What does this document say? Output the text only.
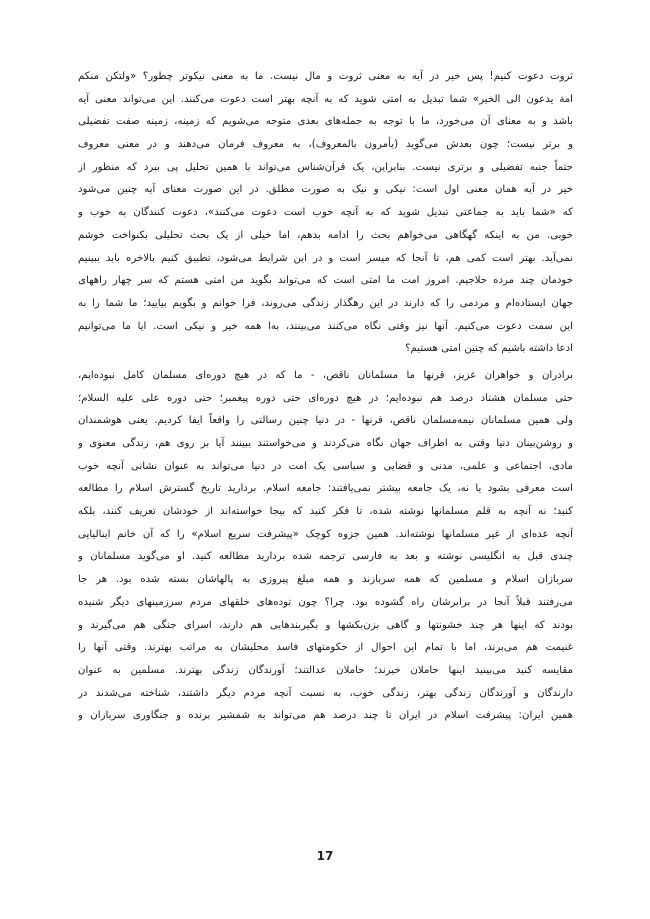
ثروت دعوت کنیم! پس خیر در آیه به معنی ثروت و مال نیست. ما به معنی نیکوتر چطور؟ «ولتکن منکم
امة یدعون الی الخیر» شما تبدیل به امتی شوید که به آنچه بهتر است دعوت می‌کنند. این می‌تواند معنی آیه
باشد و به معنای آن می‌خورد، ما با توجه به جمله‌های بعدی متوجه می‌شویم که زمینه، زمینه صفت تفضیلی
و برتر نیست؛ چون بعدش می‌گوید (یأمرون بالمعروف)، به معروف فرمان می‌دهند و در معنی معروف
حتماً جنبه تفضیلی و برتری نیست. بنابراین، یک قرآن‌شناس می‌تواند با همین تحلیل پی ببرد که منظور از
خیر در آیه همان معنی اول است: نیکی و نیک به صورت مطلق. در این صورت معنای آیه چنین می‌شود
که «شما باید به جماعتی تبدیل شوید که به آنچه خوب است دعوت می‌کنند»، دعوت کنندگان به خوب و
خوبی. من به اینکه گهگاهی می‌خواهم بحث را ادامه بدهم، اما خیلی از یک بحث تحلیلی بکنواخت خوشم
نمی‌آید. بهتر است کمی هم، تا آنجا که میسر است و در این شرایط می‌شود، تطبیق کنیم بالاخره باید ببینیم
خودمان چند مرده حلاجیم. امروز امت ما امتی است که می‌تواند بگوید من امتی هستم که سر چهار راههای
جهان ایستاده‌ام و مردمی را که دارند در این رهگذار زندگی می‌روند، فرا خوانم و بگویم بیایید؛ ما شما را به
این سمت دعوت می‌کنیم. آنها نیز وقتی نگاه می‌کنند می‌بینند، به‌ا همه خیر و نیکی است. ایا ما می‌توانیم
ادعا داشته باشیم که چنین امتی هستیم؟
برادران و خواهران عزیز، قرنها ما مسلمانان ناقص، - ما که در هیچ دوره‌ای مسلمان کامل نبوده‌ایم،
حتی مسلمان هشتاد درصد هم نبوده‌ایم؛ در هیچ دوره‌ای حتی دوره پیغمبر؛ حتی دوره علی علیه السلام؛
ولی همین مسلمانان نیمه‌مسلمان ناقص، قرنها - در دنیا چنین رسالتی را واقعاً ایفا کردیم. یعنی هوشمندان
و روشن‌بینان دنیا وقتی به اطراف جهان نگاه می‌کردند و می‌خواستند ببینند آیا بر روی هم، زندگی معنوی و
مادی، اجتماعی و علمی، مدنی و قضایی و سیاسی یک امت در دنیا می‌تواند به عنوان نشانی آنچه خوب
است معرفی بشود یا نه، یک جامعه بیشتر نمی‌یافتند: جامعه اسلام. بردارید تاریخ گسترش اسلام را مطالعه
کنید؛ نه آنچه به قلم مسلمانها نوشته شده، تا فکر کنید که بیجا خواسته‌اند از خودشان تعریف کنند، بلکه
آنچه عده‌ای از غیر مسلمانها نوشته‌اند. همین جزوه کوچک «پیشرفت سریع اسلام» را که آن خانم اینالیایی
چندی قبل به انگلیسی نوشته و بعد به فارسی ترجمه شده بردارید مطالعه کنید. او می‌گوید مسلمانان و
سربازان اسلام و مسلمین که همه سربازند و همه مبلغ پیروزی به پالهاشان بسته شده بود. هر جا
می‌رفتند قبلاً آنجا در برابرشان راه گشوده بود. چرا؟ چون توده‌های خلقهای مردم سرزمینهای دیگر شنیده
بودند که اینها هر چند خشونتها و گاهی بزن‌بکشها و بگیربندهایی هم دارند، اسرای جنگی هم می‌گیرند و
غنیمت هم می‌برند، اما با تمام این احوال از حکومتهای فاسد محلیشان به مراتب بهترند. وقتی آنها را
مقایسه کنید می‌بینید اینها حاملان خیرند؛ حاملان عدالتند؛ آورندگان زندگی بهترند. مسلمین به عنوان
دارندگان و آورندگان زندگی بهتر، زندگی خوب، به نسبت آنچه مردم دیگر داشتند، شناخته می‌شدند در
همین ایران: پیشرفت اسلام در ایران تا چند درصد هم می‌تواند به شمشیر برنده و جنگاوری سربازان و
17
